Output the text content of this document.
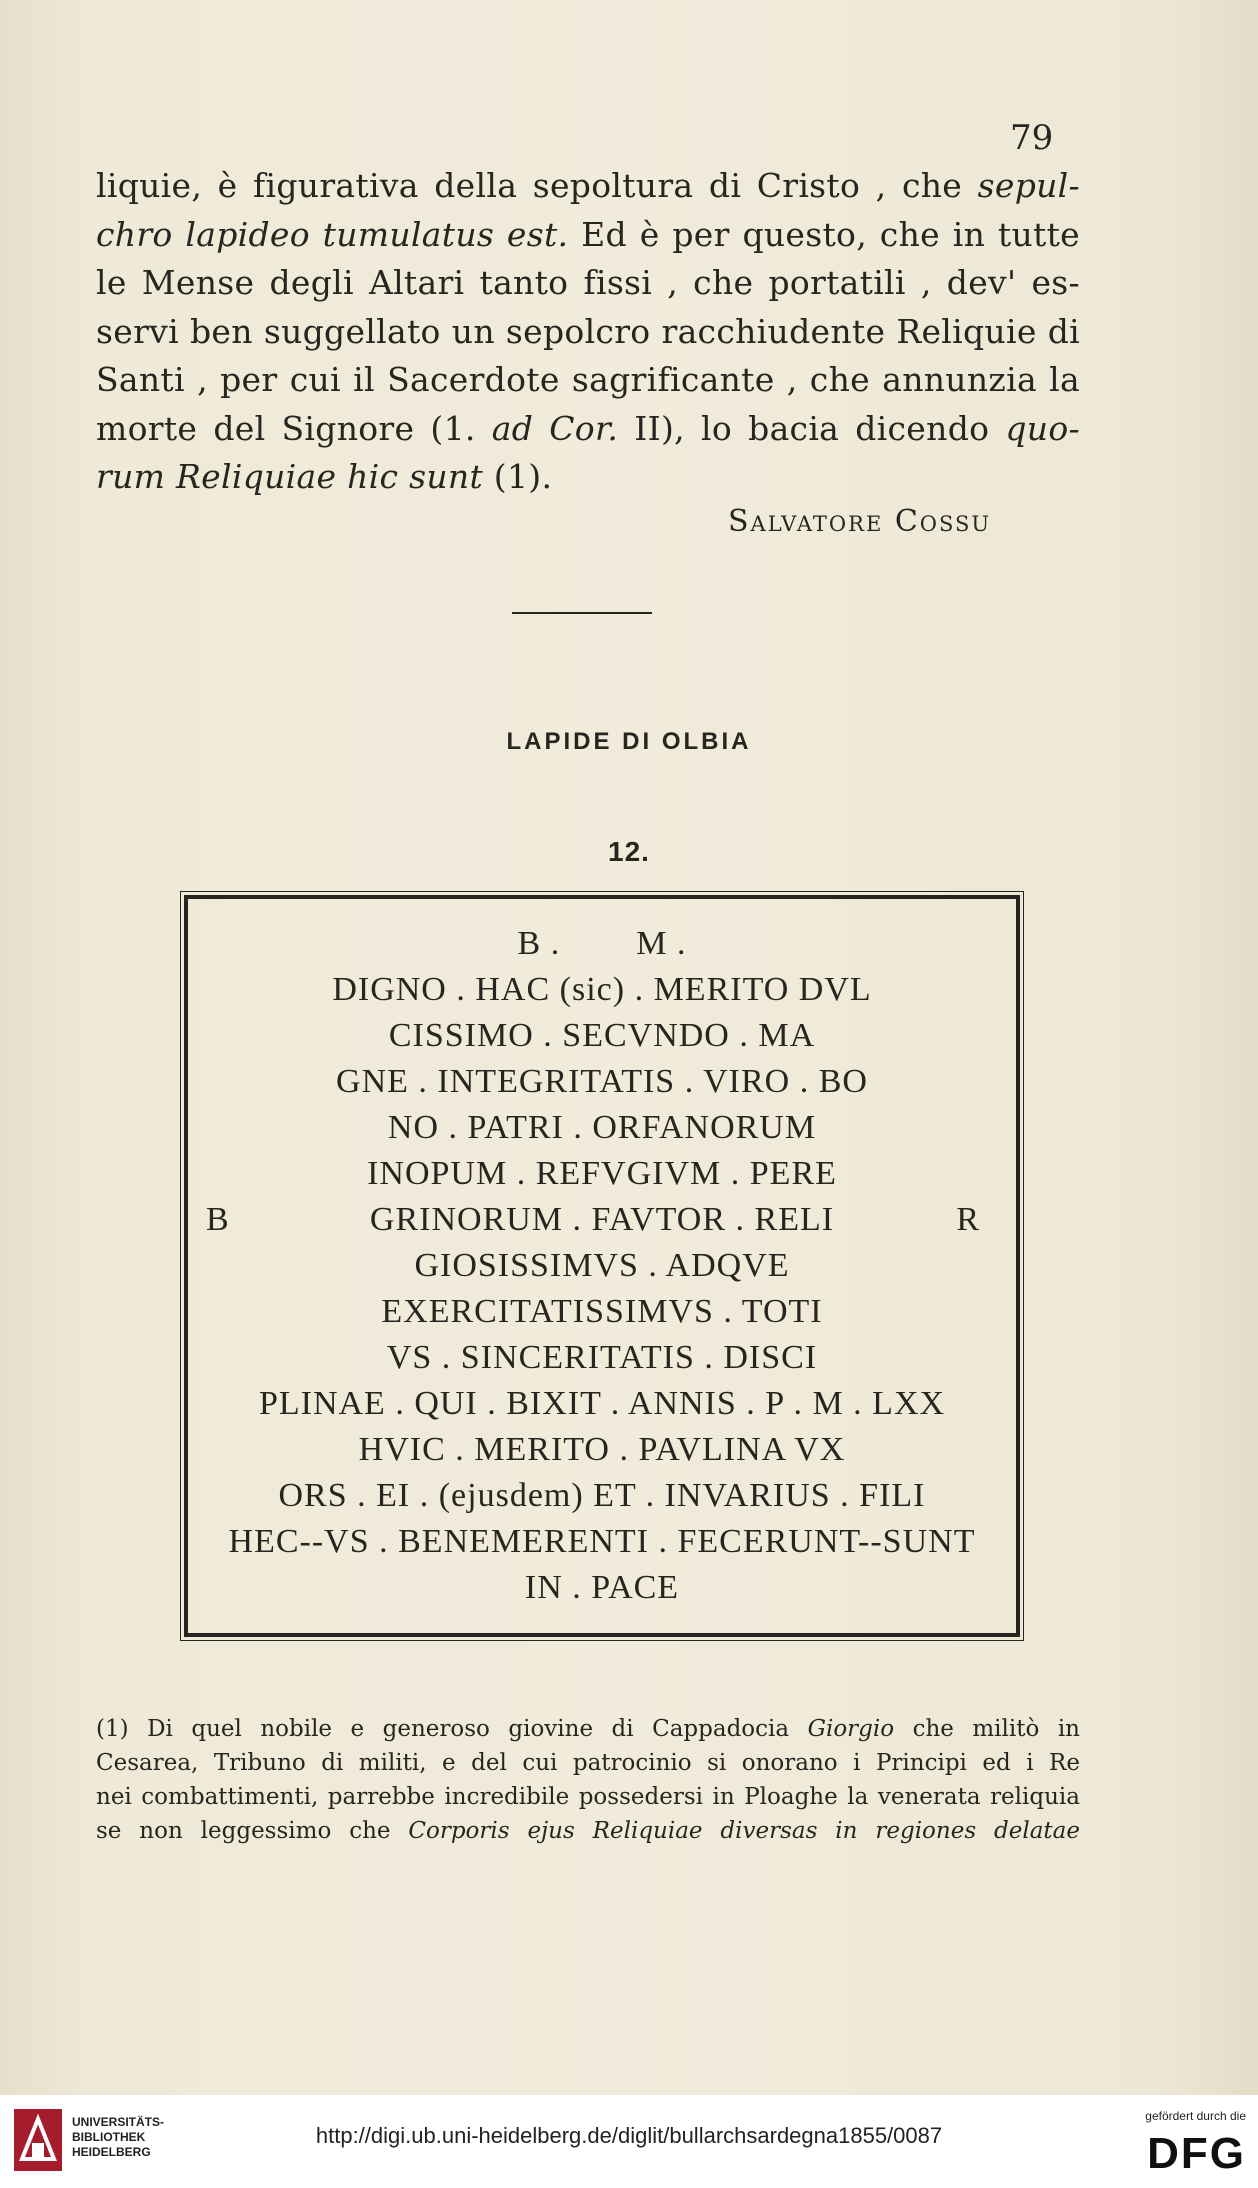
79
liquie, è figurativa della sepoltura di Cristo , che sepul-
chro lapideo tumulatus est. Ed è per questo, che in tutte
le Mense degli Altari tanto fissi , che portatili , dev' es-
servi ben suggellato un sepolcro racchiudente Reliquie di
Santi , per cui il Sacerdote sagrificante , che annunzia la
morte del Signore (1. ad Cor. II), lo bacia dicendo quo-
rum Reliquiae hic sunt (1).
Salvatore Cossu
LAPIDE DI OLBIA
12.
B .        M .
DIGNO . HAC (sic) . MERITO DVL
CISSIMO . SECVNDO . MA
GNE . INTEGRITATIS . VIRO . BO
NO . PATRI . ORFANORUM
INOPUM . REFVGIVM . PERE
GRINORUM . FAVTOR . RELI
B	R
GIOSISSIMVS . ADQVE
EXERCITATISSIMVS . TOTI
VS . SINCERITATIS . DISCI
PLINAE . QUI . BIXIT . ANNIS . P . M . LXX
HVIC . MERITO . PAVLINA VX
ORS . EI . (ejusdem) ET . INVARIUS . FILI
HEC--VS . BENEMERENTI . FECERUNT--SUNT
IN . PACE
(1) Di quel nobile e generoso giovine di Cappadocia Giorgio che militò in
Cesarea, Tribuno di militi, e del cui patrocinio si onorano i Principi ed i Re
nei combattimenti, parrebbe incredibile possedersi in Ploaghe la venerata reliquia
se non leggessimo che Corporis ejus Reliquiae diversas in regiones delatae
UNIVERSITÄTS-
BIBLIOTHEK
HEIDELBERG
http://digi.ub.uni-heidelberg.de/diglit/bullarchsardegna1855/0087
gefördert durch die
DFG
